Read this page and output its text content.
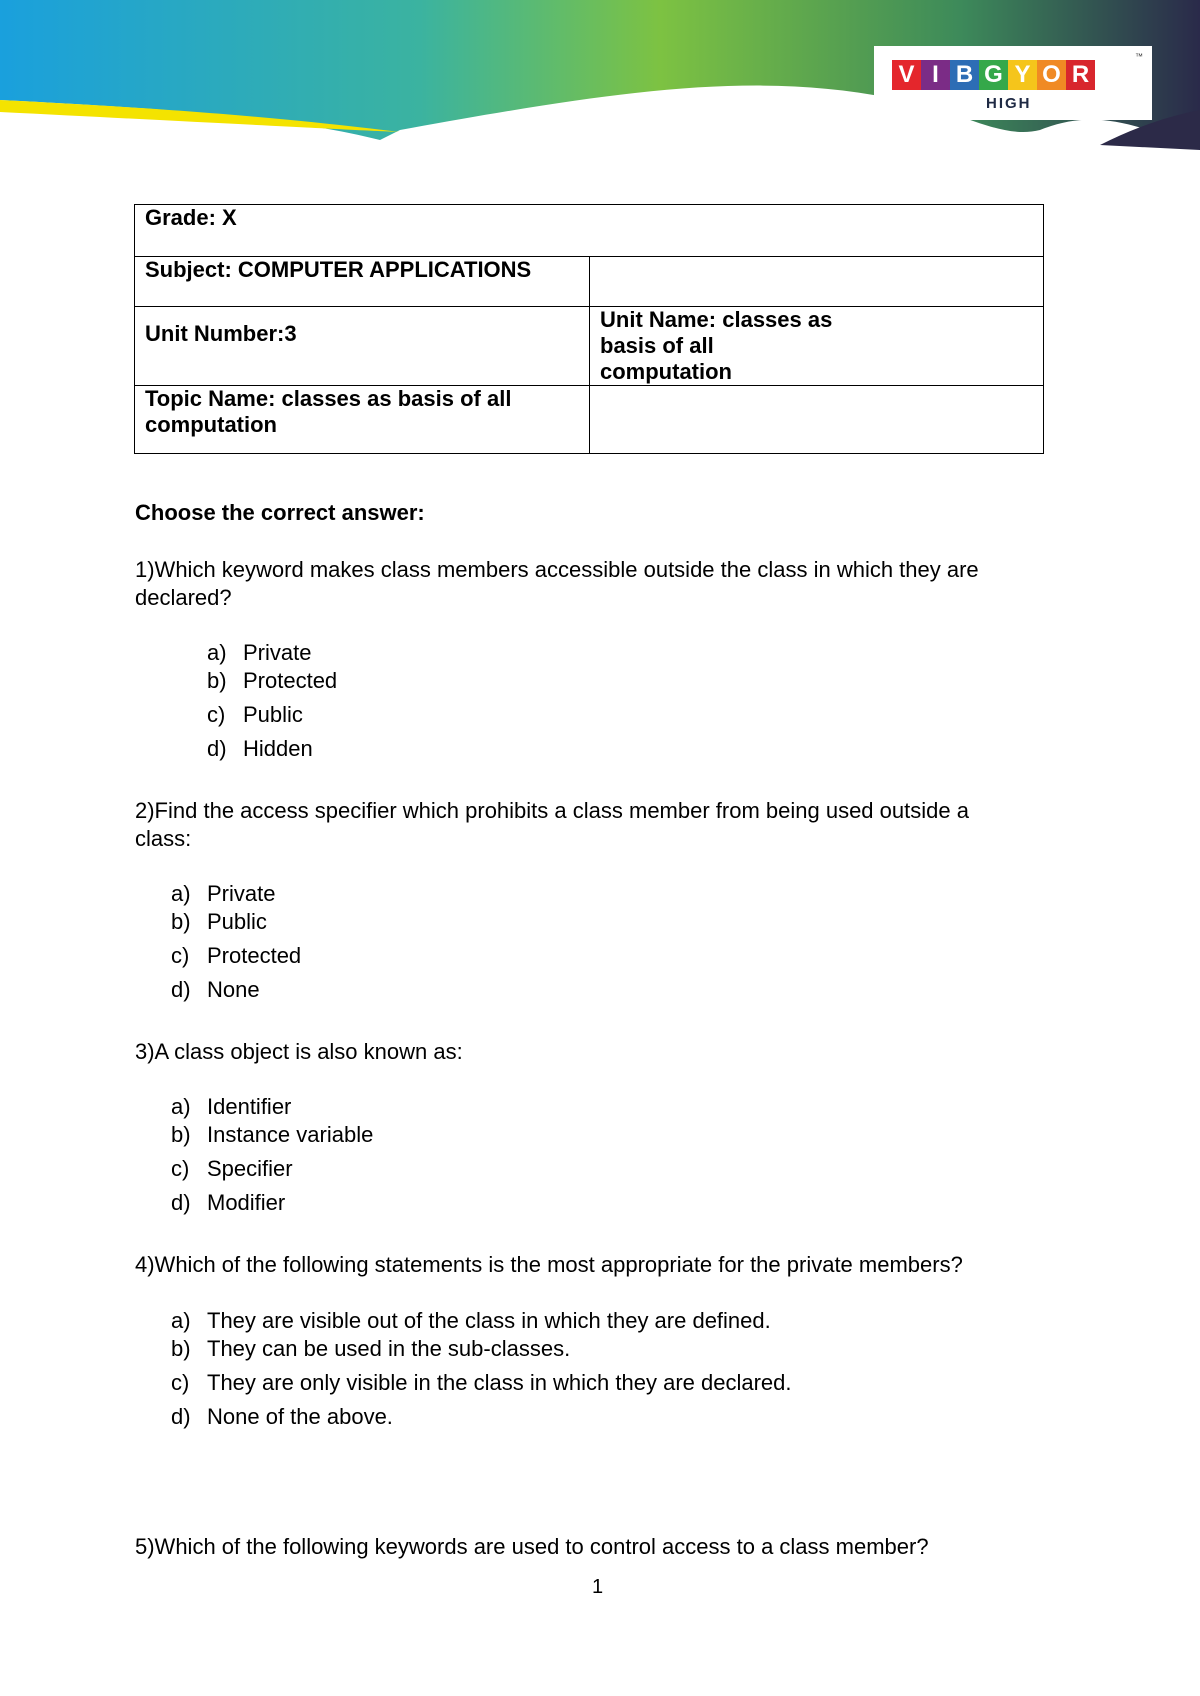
V I B G Y O R
HIGH
™
Grade: X	
Subject: COMPUTER APPLICATIONS	
Unit Number:3	Unit Name: classes as
basis of all
computation

Topic Name: classes as basis of all
computation	

Choose the correct answer:
1)Which keyword makes class members accessible outside the class in which they are
declared?
a) Private
b) Protected
c) Public
d) Hidden
2)Find the access specifier which prohibits a class member from being used outside a
class:
a) Private
b) Public
c) Protected
d) None
3)A class object is also known as:
a) Identifier
b) Instance variable
c) Specifier
d) Modifier
4)Which of the following statements is the most appropriate for the private members?
a) They are visible out of the class in which they are defined.
b) They can be used in the sub-classes.
c) They are only visible in the class in which they are declared.
d) None of the above.
5)Which of the following keywords are used to control access to a class member?
1
